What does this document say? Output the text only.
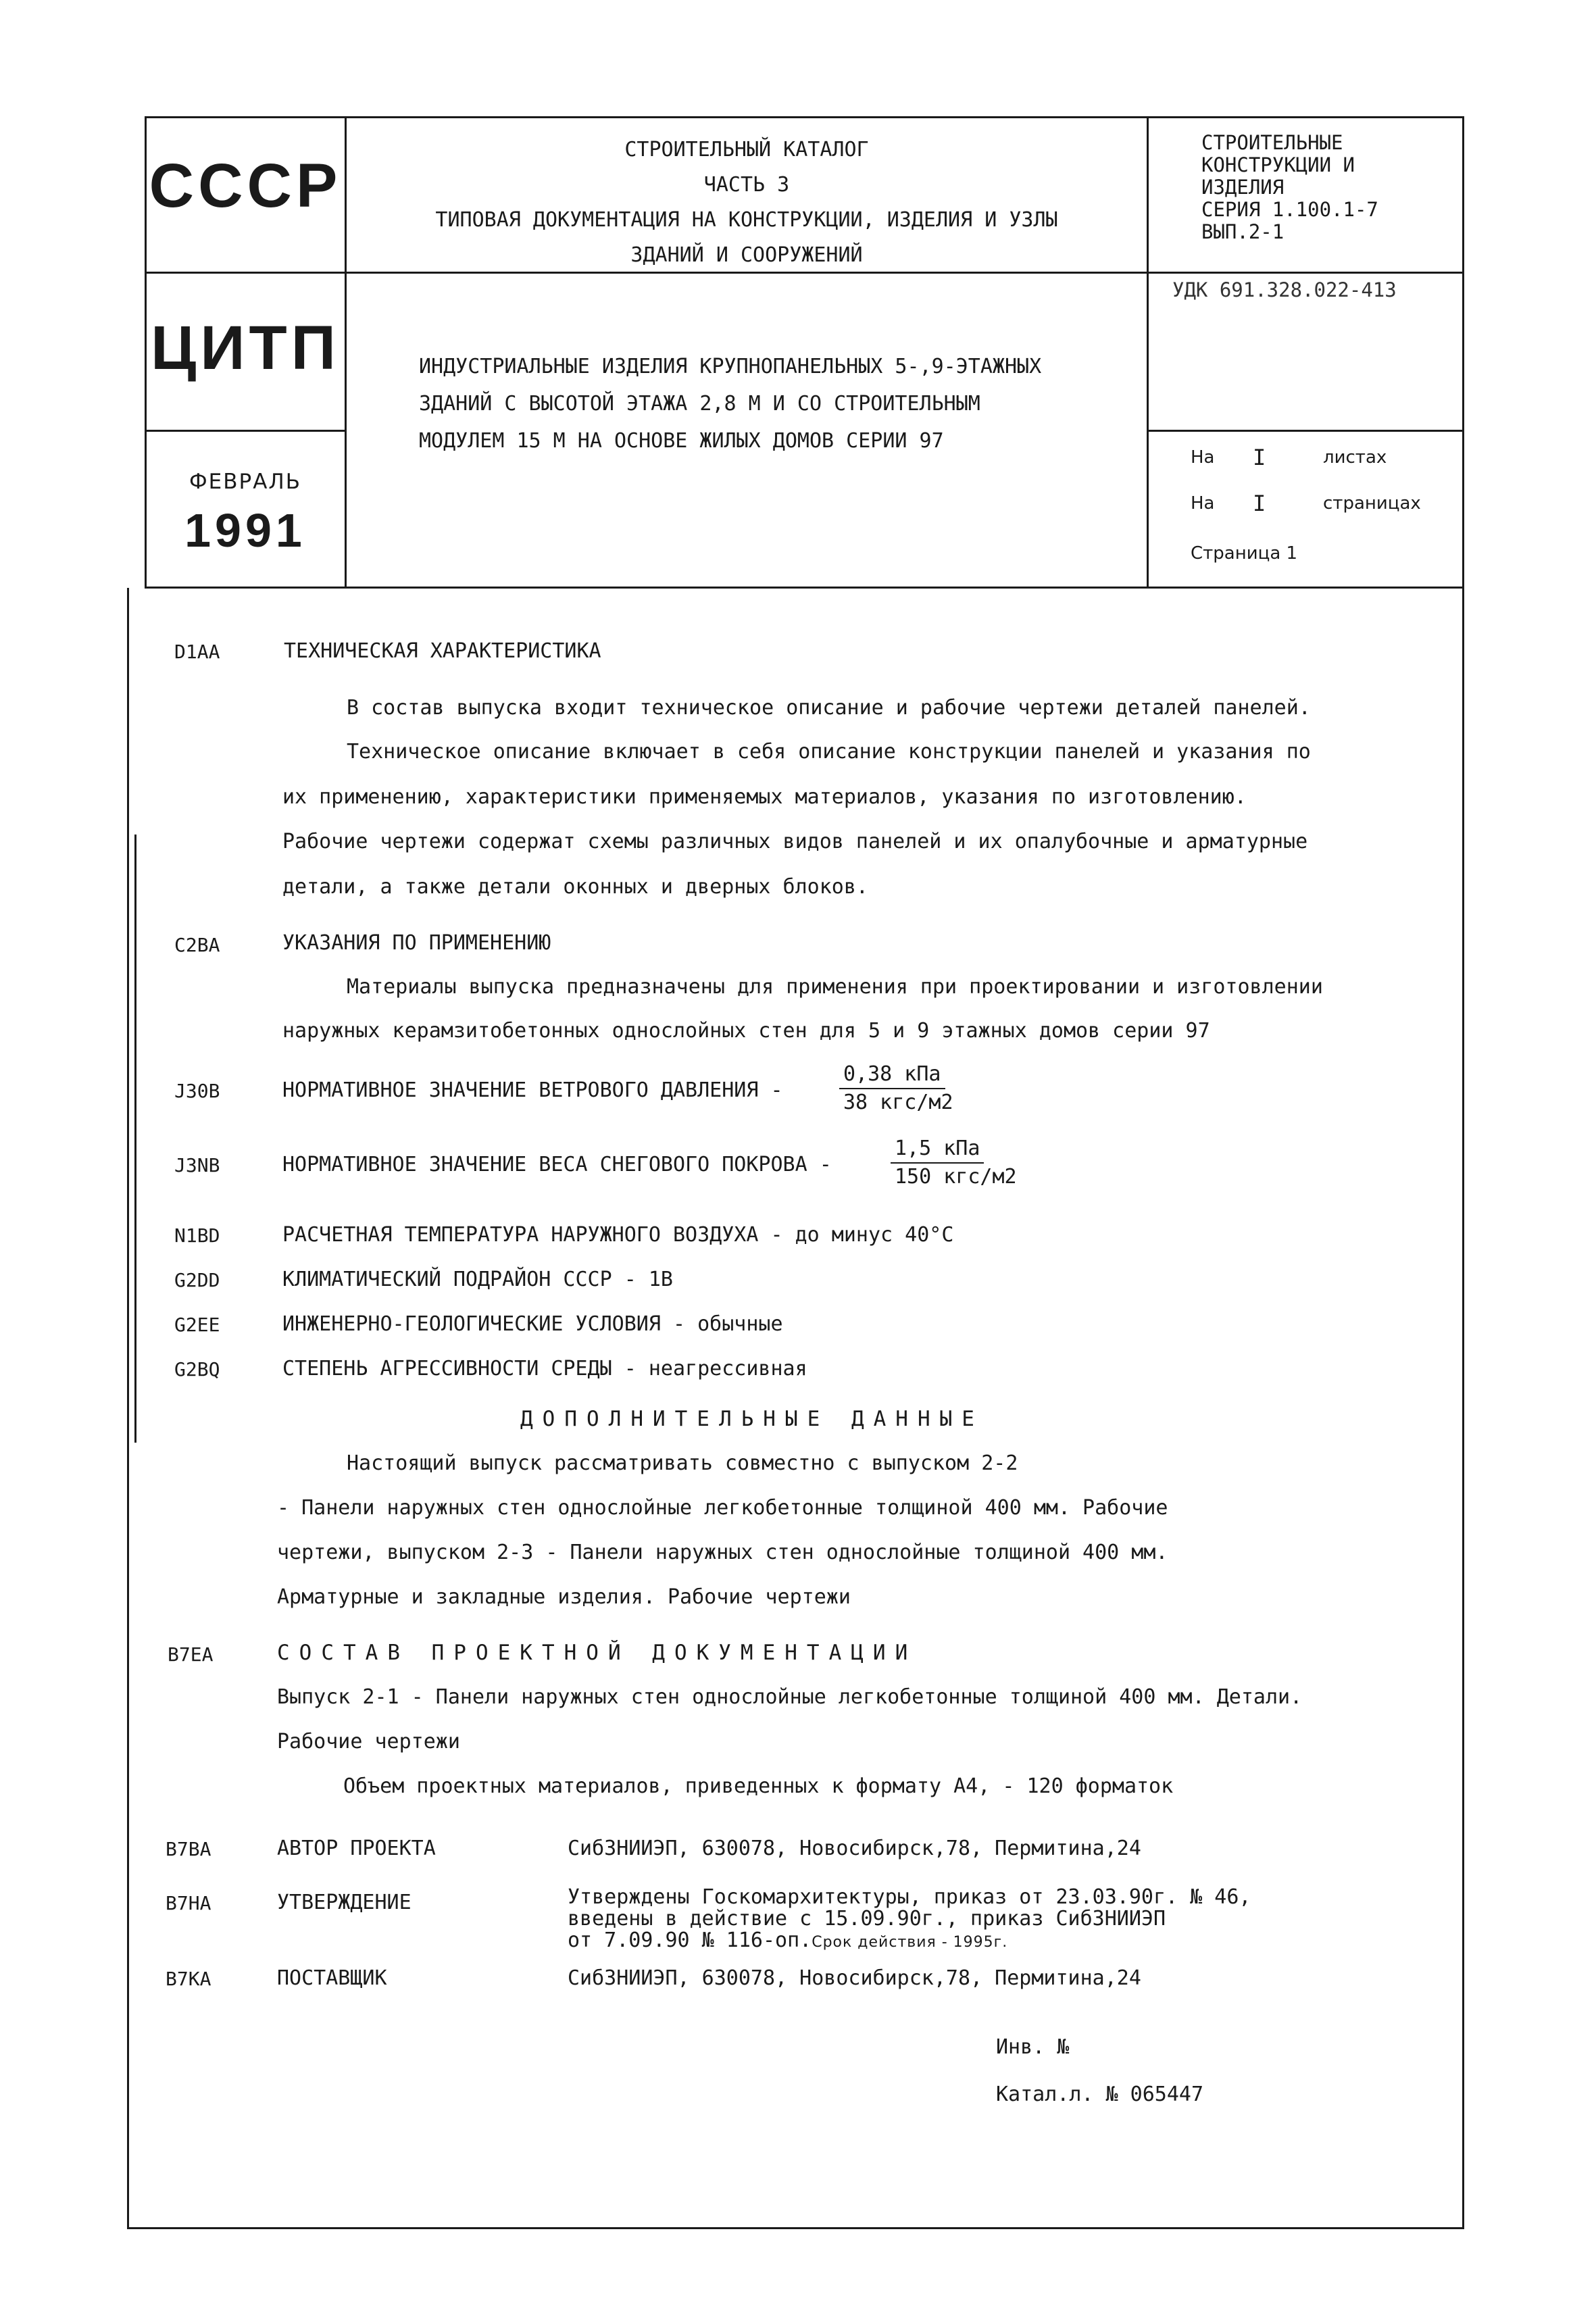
СССР
ЦИТП
ФЕВРАЛЬ
1991
СТРОИТЕЛЬНЫЙ КАТАЛОГ
ЧАСТЬ 3
ТИПОВАЯ ДОКУМЕНТАЦИЯ НА КОНСТРУКЦИИ, ИЗДЕЛИЯ И УЗЛЫ
ЗДАНИЙ И СООРУЖЕНИЙ
ИНДУСТРИАЛЬНЫЕ ИЗДЕЛИЯ КРУПНОПАНЕЛЬНЫХ 5-,9-ЭТАЖНЫХ
ЗДАНИЙ С ВЫСОТОЙ ЭТАЖА 2,8 М И СО СТРОИТЕЛЬНЫМ
МОДУЛЕМ 15 М НА ОСНОВЕ ЖИЛЫХ ДОМОВ СЕРИИ 97
СТРОИТЕЛЬНЫЕ
КОНСТРУКЦИИ И
ИЗДЕЛИЯ
СЕРИЯ 1.100.1-7
ВЫП.2-1
УДК 691.328.022-413
На I	листах
На I	страницах
Страница 1
D1AA	ТЕХНИЧЕСКАЯ ХАРАКТЕРИСТИКА
В состав выпуска входит техническое описание и рабочие чертежи деталей панелей.
Техническое описание включает в себя описание конструкции панелей и указания по
их применению, характеристики применяемых материалов, указания по изготовлению.
Рабочие чертежи содержат схемы различных видов панелей и их опалубочные и арматурные
детали, а также детали оконных и дверных блоков.
C2BA	УКАЗАНИЯ ПО ПРИМЕНЕНИЮ
Материалы выпуска предназначены для применения при проектировании и изготовлении
наружных керамзитобетонных однослойных стен для 5 и 9 этажных домов серии 97
J30B	НОРМАТИВНОЕ ЗНАЧЕНИЕ ВЕТРОВОГО ДАВЛЕНИЯ -
0,38 кПа
38 кгс/м2
J3NB	НОРМАТИВНОЕ ЗНАЧЕНИЕ ВЕСА СНЕГОВОГО ПОКРОВА -
1,5 кПа
150 кгс/м2
N1BD	РАСЧЕТНАЯ ТЕМПЕРАТУРА НАРУЖНОГО ВОЗДУХА - до минус 40°С
G2DD	КЛИМАТИЧЕСКИЙ ПОДРАЙОН СССР - 1В
G2EE	ИНЖЕНЕРНО-ГЕОЛОГИЧЕСКИЕ УСЛОВИЯ - обычные
G2BQ	СТЕПЕНЬ АГРЕССИВНОСТИ СРЕДЫ - неагрессивная
ДОПОЛНИТЕЛЬНЫЕ ДАННЫЕ
Настоящий выпуск рассматривать совместно с выпуском 2-2
- Панели наружных стен однослойные легкобетонные толщиной 400 мм. Рабочие
чертежи, выпуском 2-3 - Панели наружных стен однослойные толщиной 400 мм.
Арматурные и закладные изделия. Рабочие чертежи
B7EA	СОСТАВ ПРОЕКТНОЙ ДОКУМЕНТАЦИИ
Выпуск 2-1 - Панели наружных стен однослойные легкобетонные толщиной 400 мм. Детали.
Рабочие чертежи
Объем проектных материалов, приведенных к формату А4, - 120 форматок
B7BA	АВТОР ПРОЕКТА	СибЗНИИЭП, 630078, Новосибирск,78, Пермитина,24
B7HA	УТВЕРЖДЕНИЕ	Утверждены Госкомархитектуры, приказ от 23.03.90г. № 46,
введены в действие с 15.09.90г., приказ СибЗНИИЭП
от 7.09.90 № 116-оп.Срок действия - 1995г.
B7KA	ПОСТАВЩИК	СибЗНИИЭП, 630078, Новосибирск,78, Пермитина,24
Инв. №
Катал.л. № 065447
